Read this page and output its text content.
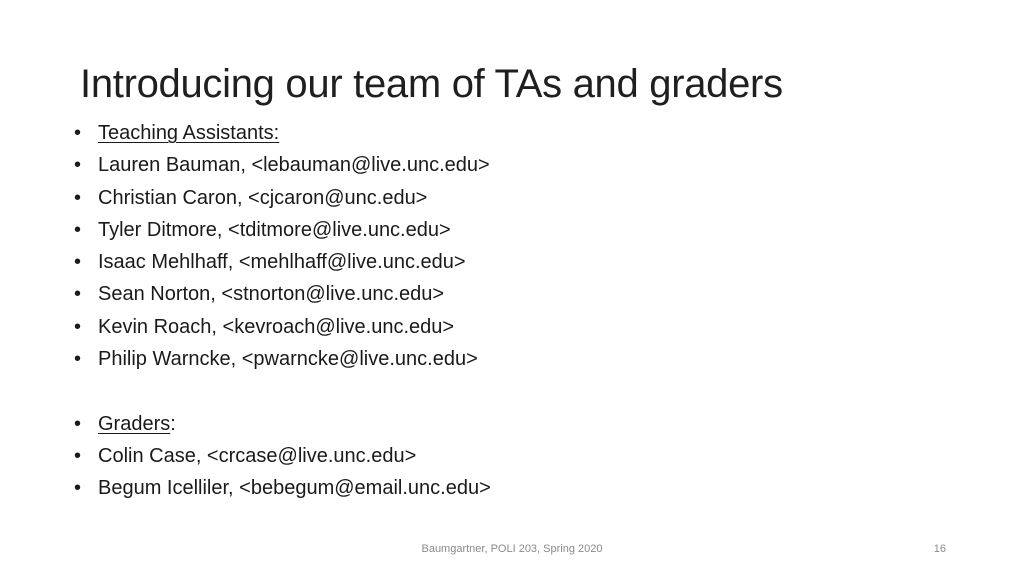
Introducing our team of TAs and graders
• Teaching Assistants:
• Lauren Bauman, <lebauman@live.unc.edu>
• Christian Caron, <cjcaron@unc.edu>
• Tyler Ditmore, <tditmore@live.unc.edu>
• Isaac Mehlhaff, <mehlhaff@live.unc.edu>
• Sean Norton, <stnorton@live.unc.edu>
• Kevin Roach, <kevroach@live.unc.edu>
• Philip Warncke, <pwarncke@live.unc.edu>
• Graders:
• Colin Case, <crcase@live.unc.edu>
• Begum Icelliler, <bebegum@email.unc.edu>
Baumgartner, POLI 203, Spring 2020	16
